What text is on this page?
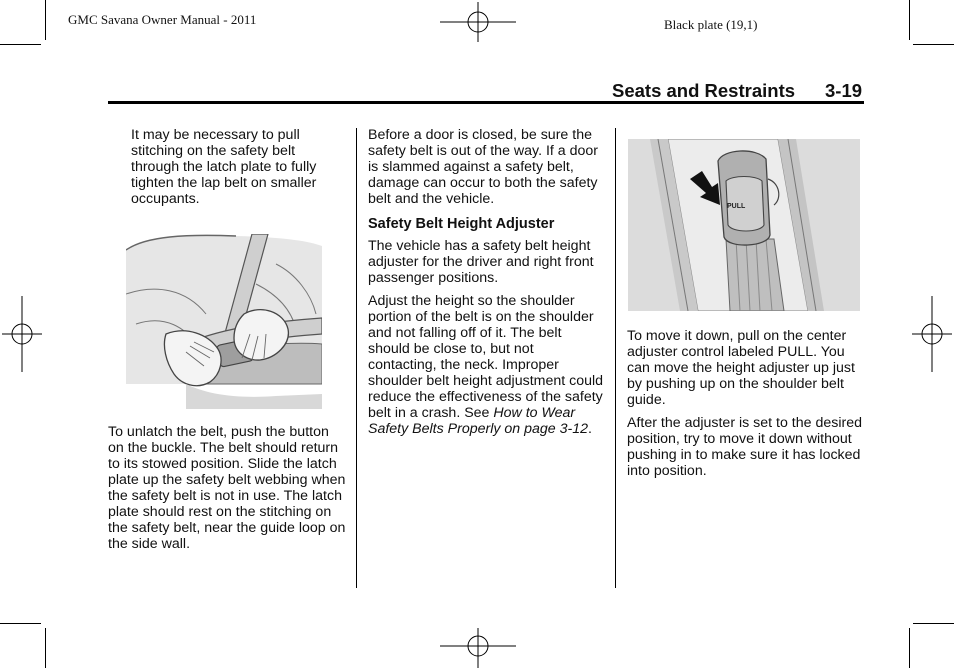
GMC Savana Owner Manual - 2011	Black plate (19,1)
Seats and Restraints 3-19

It may be necessary to pull stitching on the safety belt through the latch plate to fully tighten the lap belt on smaller occupants.

To unlatch the belt, push the button on the buckle. The belt should return to its stowed position. Slide the latch plate up the safety belt webbing when the safety belt is not in use. The latch plate should rest on the stitching on the safety belt, near the guide loop on the side wall.

Before a door is closed, be sure the safety belt is out of the way. If a door is slammed against a safety belt, damage can occur to both the safety belt and the vehicle.

Safety Belt Height Adjuster

The vehicle has a safety belt height adjuster for the driver and right front passenger positions.

Adjust the height so the shoulder portion of the belt is on the shoulder and not falling off of it. The belt should be close to, but not contacting, the neck. Improper shoulder belt height adjustment could reduce the effectiveness of the safety belt in a crash. See How to Wear Safety Belts Properly on page 3-12.

PULL

To move it down, pull on the center adjuster control labeled PULL. You can move the height adjuster up just by pushing up on the shoulder belt guide.

After the adjuster is set to the desired position, try to move it down without pushing in to make sure it has locked into position.
